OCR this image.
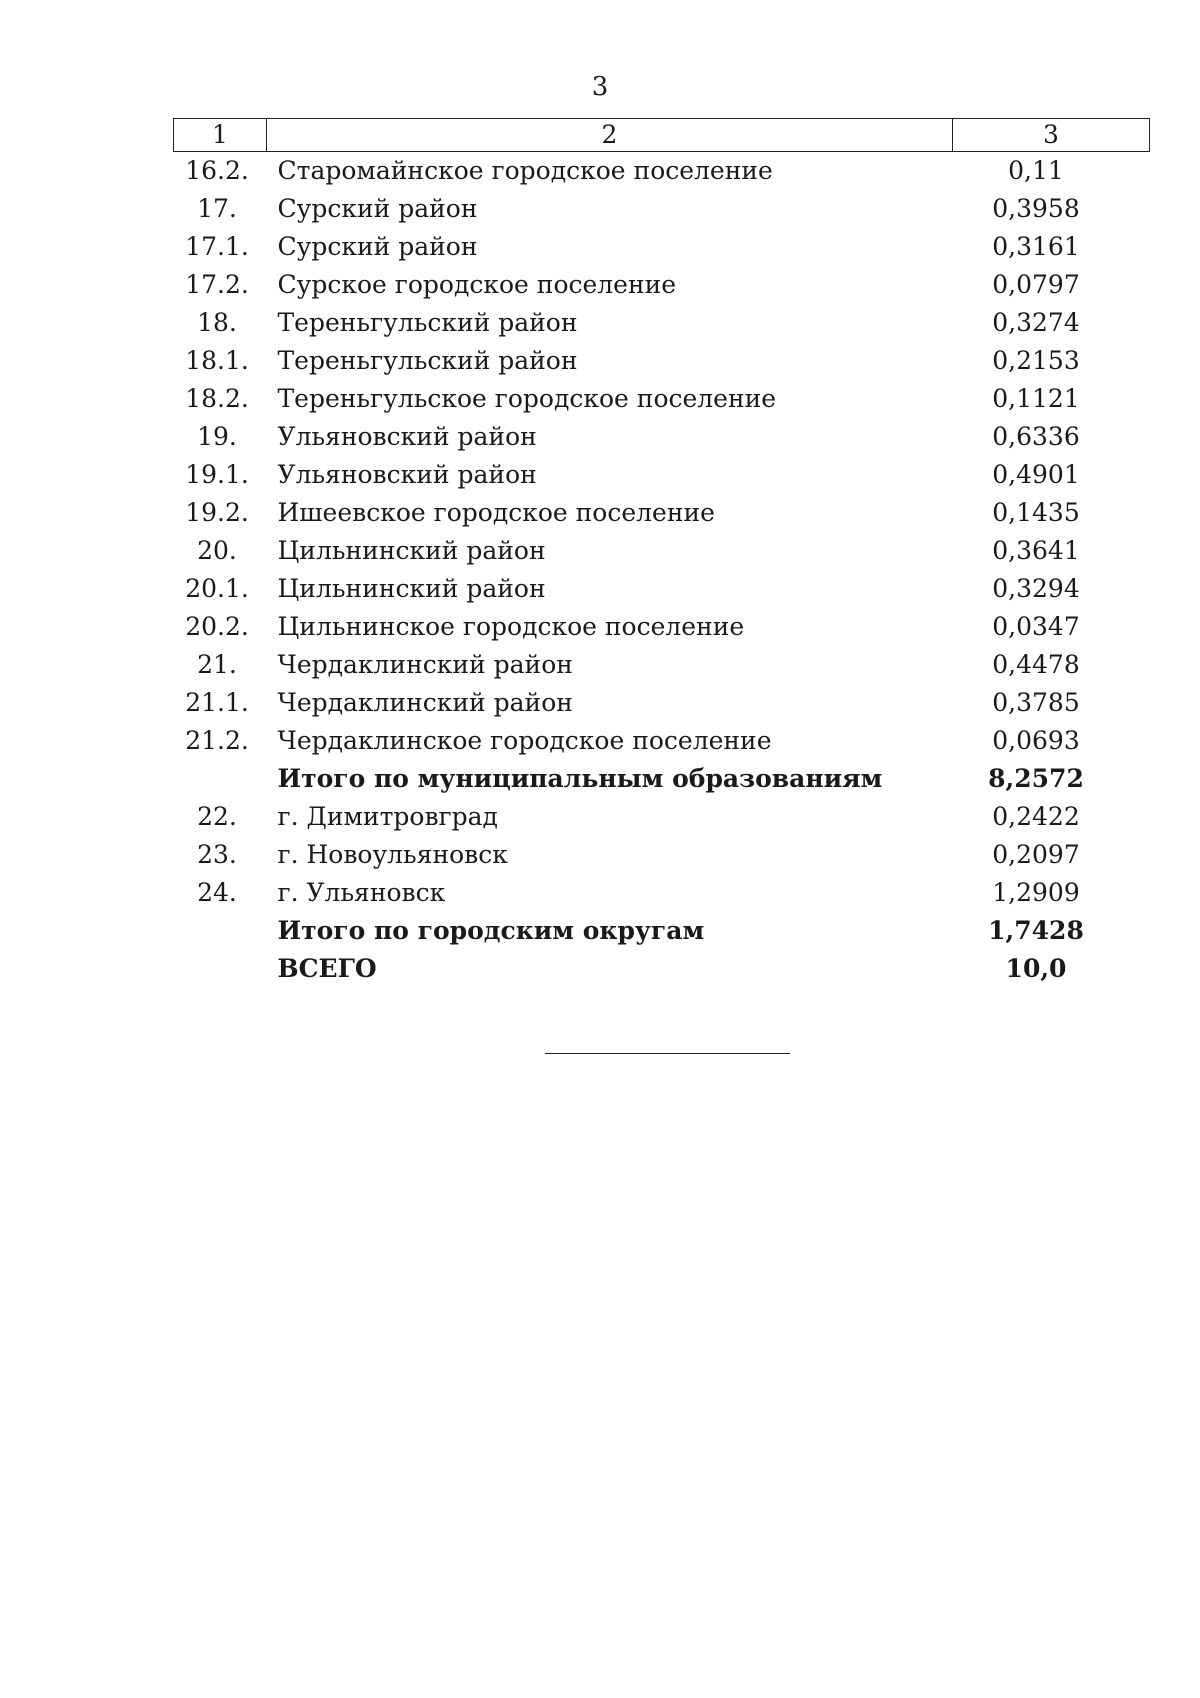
3
1	2	3
16.2.	Старомайнское городское поселение	0,11
17.	Сурский район	0,3958
17.1.	Сурский район	0,3161
17.2.	Сурское городское поселение	0,0797
18.	Тереньгульский район	0,3274
18.1.	Тереньгульский район	0,2153
18.2.	Тереньгульское городское поселение	0,1121
19.	Ульяновский район	0,6336
19.1.	Ульяновский район	0,4901
19.2.	Ишеевское городское поселение	0,1435
20.	Цильнинский район	0,3641
20.1.	Цильнинский район	0,3294
20.2.	Цильнинское городское поселение	0,0347
21.	Чердаклинский район	0,4478
21.1.	Чердаклинский район	0,3785
21.2.	Чердаклинское городское поселение	0,0693
	Итого по муниципальным образованиям	8,2572
22.	г. Димитровград	0,2422
23.	г. Новоульяновск	0,2097
24.	г. Ульяновск	1,2909
	Итого по городским округам	1,7428
	ВСЕГО	10,0
